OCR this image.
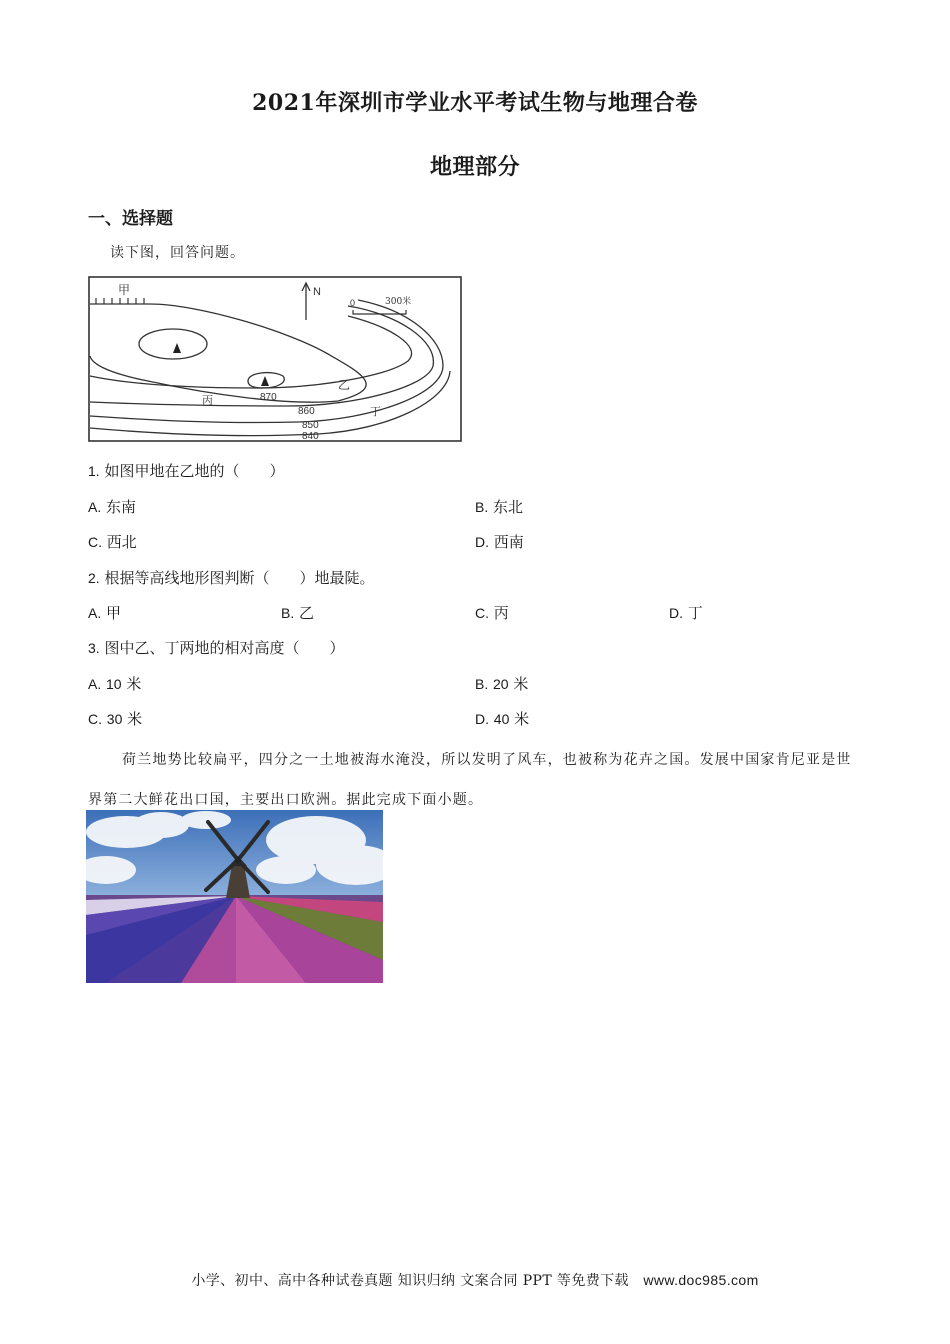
2021年深圳市学业水平考试生物与地理合卷
地理部分
一、选择题
读下图，回答问题。
N
0	300米
甲
乙
丙
丁
870
860
850
840
1. 如图甲地在乙地的（　　）
A. 东南	B. 东北
C. 西北	D. 西南
2. 根据等高线地形图判断（　　）地最陡。
A. 甲	B. 乙	C. 丙	D. 丁
3. 图中乙、丁两地的相对高度（　　）
A. 10 米	B. 20 米
C. 30 米	D. 40 米
荷兰地势比较扁平，四分之一土地被海水淹没，所以发明了风车，也被称为花卉之国。发展中国家肯尼亚是世界第二大鲜花出口国，主要出口欧洲。据此完成下面小题。
小学、初中、高中各种试卷真题 知识归纳 文案合同 PPT 等免费下载　 www.doc985.com
